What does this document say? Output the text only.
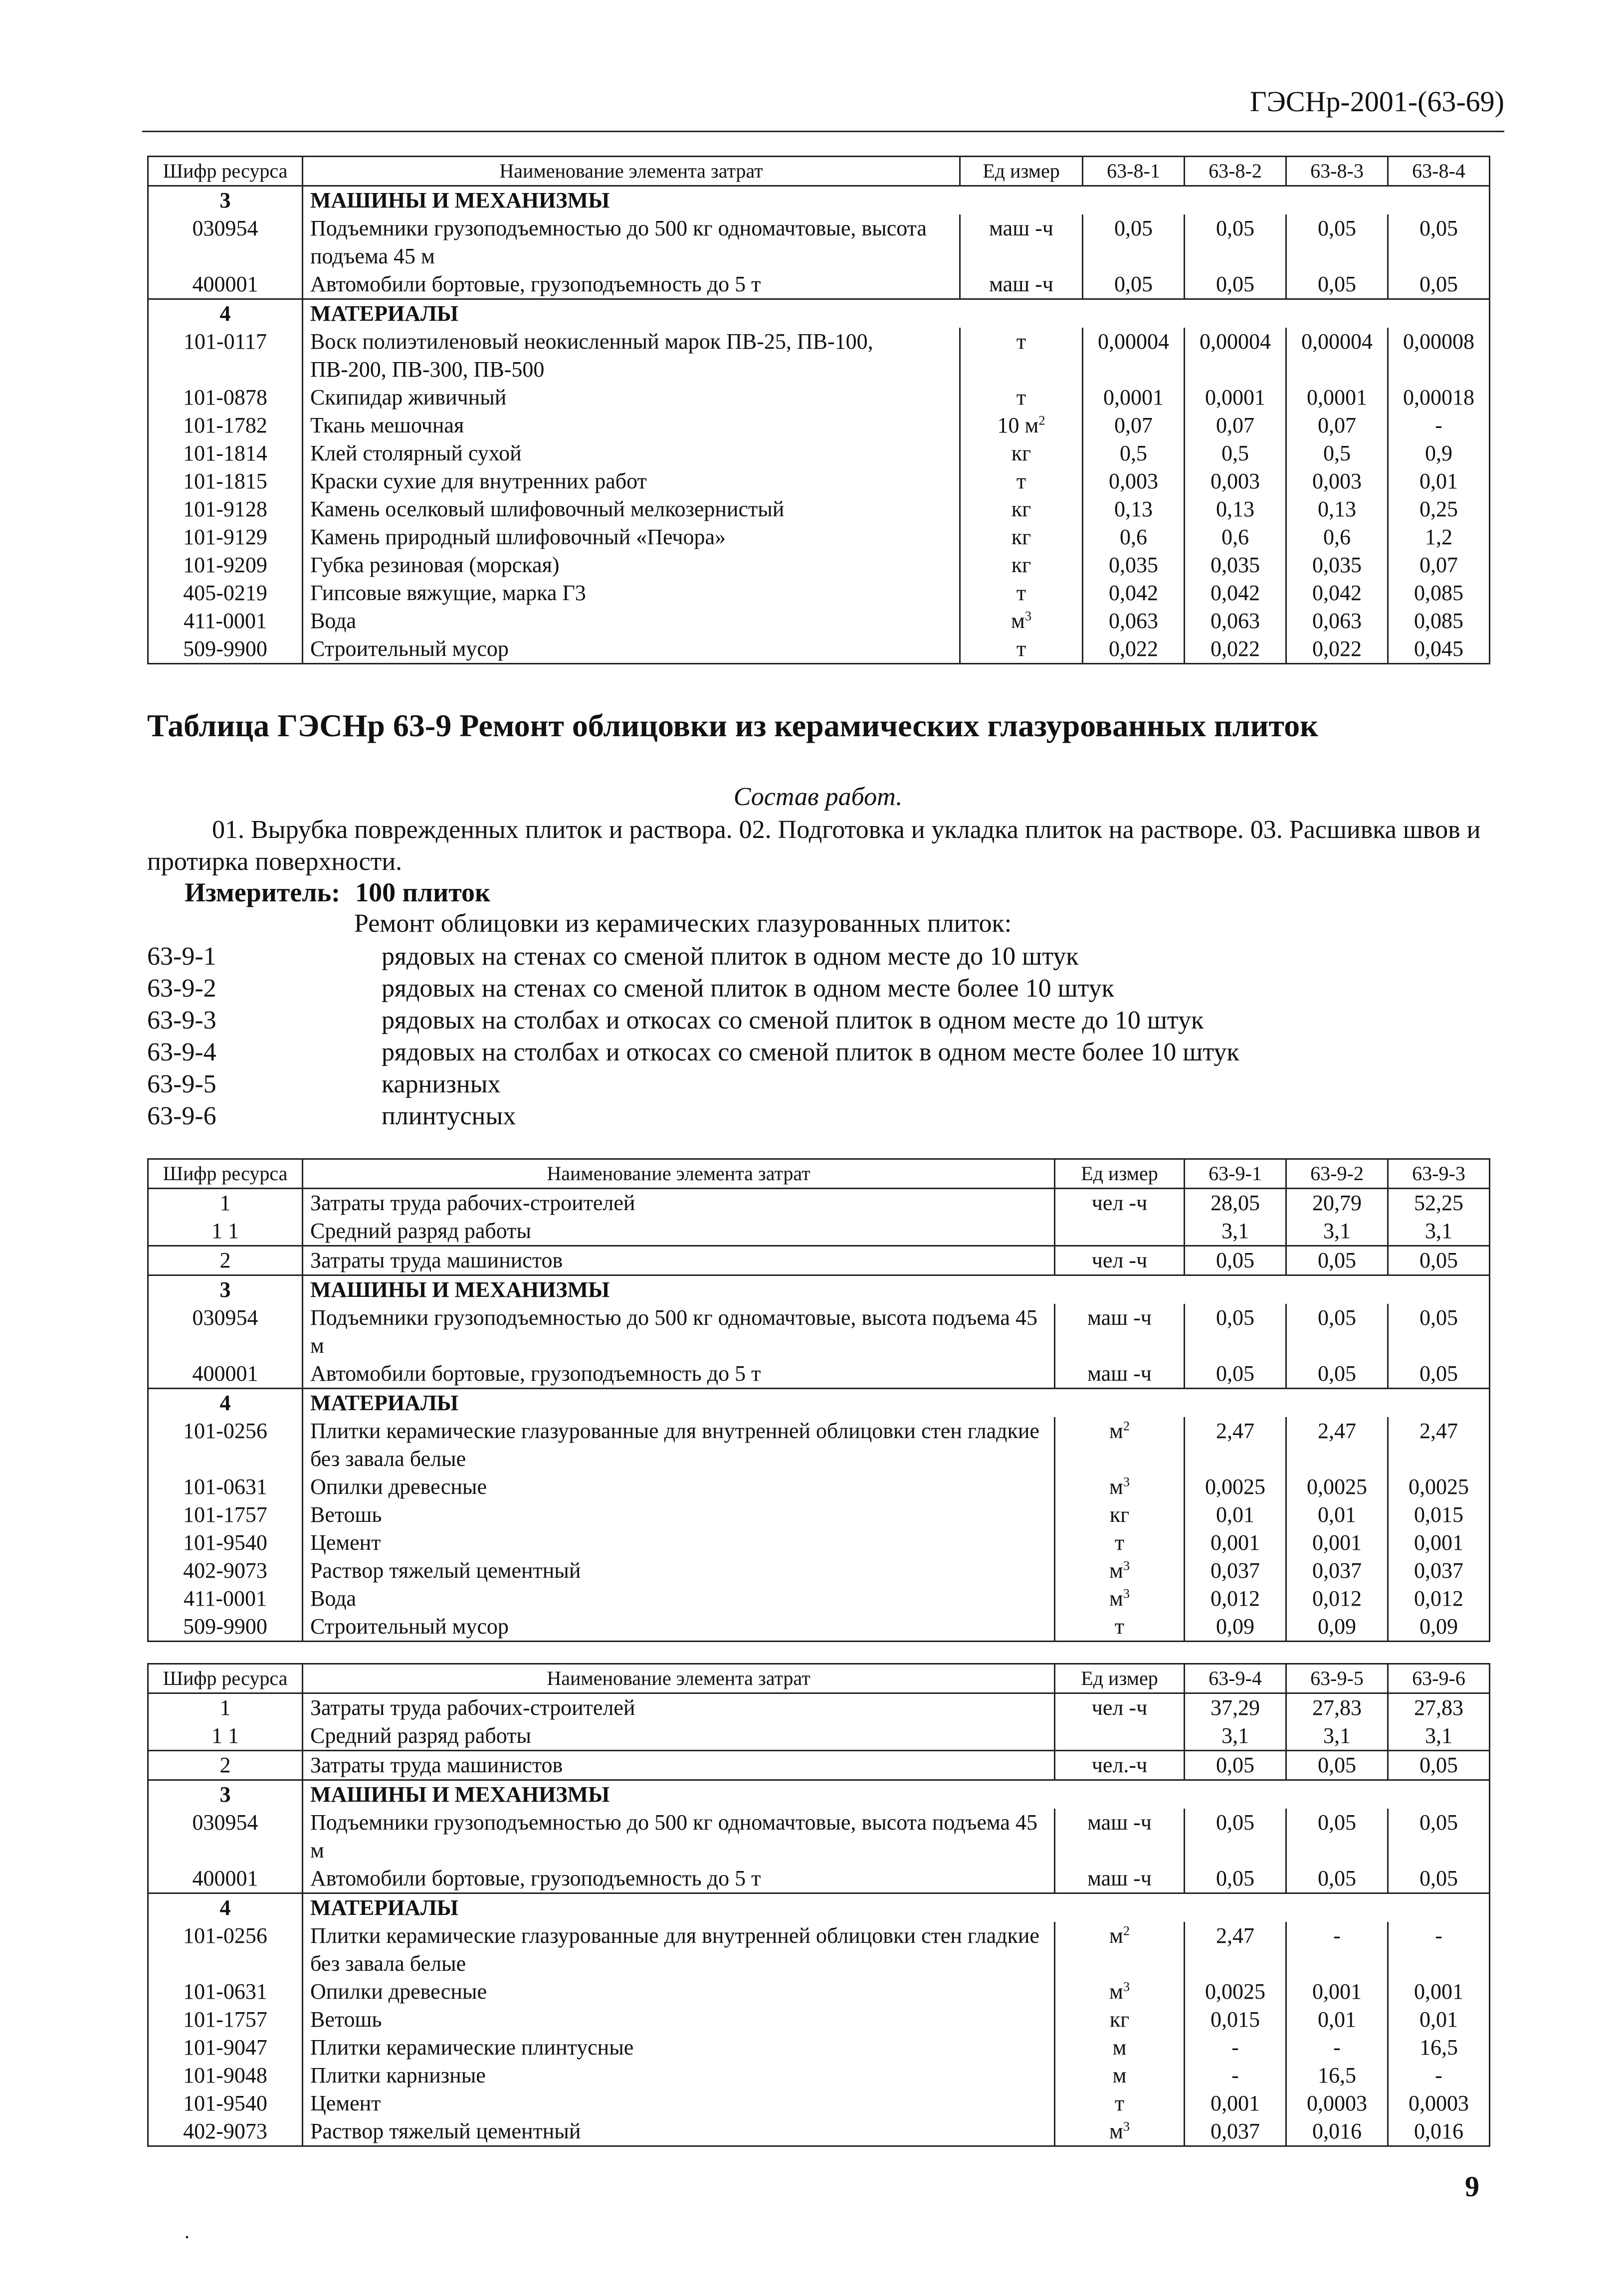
ГЭСНр-2001-(63-69)
Шифр ресурса	Наименование элемента затрат	Ед измер	63-8-1	63-8-2	63-8-3	63-8-4
3	МАШИНЫ И МЕХАНИЗМЫ					
030954	Подъемники грузоподъемностью до 500 кг одномачтовые, высота подъема 45 м	маш -ч	0,05	0,05	0,05	0,05
400001	Автомобили бортовые, грузоподъемность до 5 т	маш -ч	0,05	0,05	0,05	0,05
4	МАТЕРИАЛЫ					
101-0117	Воск полиэтиленовый неокисленный марок ПВ-25, ПВ-100, ПВ-200, ПВ-300, ПВ-500	т	0,00004	0,00004	0,00004	0,00008
101-0878	Скипидар живичный	т	0,0001	0,0001	0,0001	0,00018
101-1782	Ткань мешочная	10 $м^2$	0,07	0,07	0,07	-
101-1814	Клей столярный сухой	кг	0,5	0,5	0,5	0,9
101-1815	Краски сухие для внутренних работ	т	0,003	0,003	0,003	0,01
101-9128	Камень оселковый шлифовочный мелкозернистый	кг	0,13	0,13	0,13	0,25
101-9129	Камень природный шлифовочный «Печора»	кг	0,6	0,6	0,6	1,2
101-9209	Губка резиновая (морская)	кг	0,035	0,035	0,035	0,07
405-0219	Гипсовые вяжущие, марка Г3	т	0,042	0,042	0,042	0,085
411-0001	Вода	$м^3$	0,063	0,063	0,063	0,085
509-9900	Строительный мусор	т	0,022	0,022	0,022	0,045
Таблица ГЭСНр 63-9 Ремонт облицовки из керамических глазурованных плиток
Состав работ.

01. Вырубка поврежденных плиток и раствора. 02. Подготовка и укладка плиток на растворе. 03. Расшивка швов и протирка поверхности.

Измеритель: 100 плиток
Ремонт облицовки из керамических глазурованных плиток:
63-9-1	рядовых на стенах со сменой плиток в одном месте до 10 штук
63-9-2	рядовых на стенах со сменой плиток в одном месте более 10 штук
63-9-3	рядовых на столбах и откосах со сменой плиток в одном месте до 10 штук
63-9-4	рядовых на столбах и откосах со сменой плиток в одном месте более 10 штук
63-9-5	карнизных
63-9-6	плинтусных
Шифр ресурса	Наименование элемента затрат	Ед измер	63-9-1	63-9-2	63-9-3
1	Затраты труда рабочих-строителей	чел -ч	28,05	20,79	52,25
1 1	Средний разряд работы		3,1	3,1	3,1
2	Затраты труда машинистов	чел -ч	0,05	0,05	0,05
3	МАШИНЫ И МЕХАНИЗМЫ				
030954	Подъемники грузоподъемностью до 500 кг одномачтовые, высота подъема 45 м	маш -ч	0,05	0,05	0,05
400001	Автомобили бортовые, грузоподъемность до 5 т	маш -ч	0,05	0,05	0,05
4	МАТЕРИАЛЫ				
101-0256	Плитки керамические глазурованные для внутренней облицовки стен гладкие без завала белые	$м^2$	2,47	2,47	2,47
101-0631	Опилки древесные	$м^3$	0,0025	0,0025	0,0025
101-1757	Ветошь	кг	0,01	0,01	0,015
101-9540	Цемент	т	0,001	0,001	0,001
402-9073	Раствор тяжелый цементный	$м^3$	0,037	0,037	0,037
411-0001	Вода	$м^3$	0,012	0,012	0,012
509-9900	Строительный мусор	т	0,09	0,09	0,09
Шифр ресурса	Наименование элемента затрат	Ед измер	63-9-4	63-9-5	63-9-6
1	Затраты труда рабочих-строителей	чел -ч	37,29	27,83	27,83
1 1	Средний разряд работы		3,1	3,1	3,1
2	Затраты труда машинистов	чел.-ч	0,05	0,05	0,05
3	МАШИНЫ И МЕХАНИЗМЫ				
030954	Подъемники грузоподъемностью до 500 кг одномачтовые, высота подъема 45 м	маш -ч	0,05	0,05	0,05
400001	Автомобили бортовые, грузоподъемность до 5 т	маш -ч	0,05	0,05	0,05
4	МАТЕРИАЛЫ				
101-0256	Плитки керамические глазурованные для внутренней облицовки стен гладкие без завала белые	$м^2$	2,47	-	-
101-0631	Опилки древесные	$м^3$	0,0025	0,001	0,001
101-1757	Ветошь	кг	0,015	0,01	0,01
101-9047	Плитки керамические плинтусные	м	-	-	16,5
101-9048	Плитки карнизные	м	-	16,5	-
101-9540	Цемент	т	0,001	0,0003	0,0003
402-9073	Раствор тяжелый цементный	$м^3$	0,037	0,016	0,016
9
.
